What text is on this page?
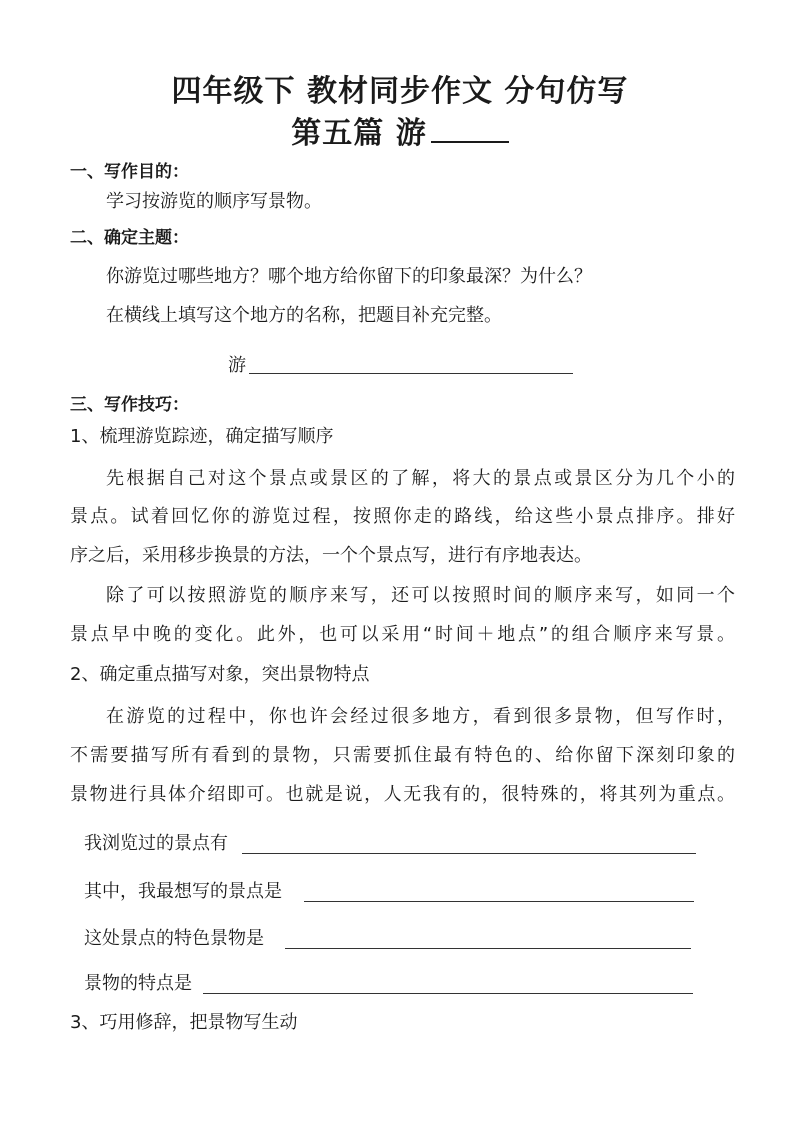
四年级下 教材同步作文 分句仿写
第五篇 游
一、写作目的：
学习按游览的顺序写景物。
二、确定主题：
你游览过哪些地方？哪个地方给你留下的印象最深？为什么？
在横线上填写这个地方的名称，把题目补充完整。
游
三、写作技巧：
1、梳理游览踪迹，确定描写顺序
先根据自己对这个景点或景区的了解，将大的景点或景区分为几个小的
景点。试着回忆你的游览过程，按照你走的路线，给这些小景点排序。排好
序之后，采用移步换景的方法，一个个景点写，进行有序地表达。
除了可以按照游览的顺序来写，还可以按照时间的顺序来写，如同一个
景点早中晚的变化。此外，也可以采用“时间＋地点”的组合顺序来写景。
2、确定重点描写对象，突出景物特点
在游览的过程中，你也许会经过很多地方，看到很多景物，但写作时，
不需要描写所有看到的景物，只需要抓住最有特色的、给你留下深刻印象的
景物进行具体介绍即可。也就是说，人无我有的，很特殊的，将其列为重点。
我浏览过的景点有
其中，我最想写的景点是
这处景点的特色景物是
景物的特点是
3、巧用修辞，把景物写生动
